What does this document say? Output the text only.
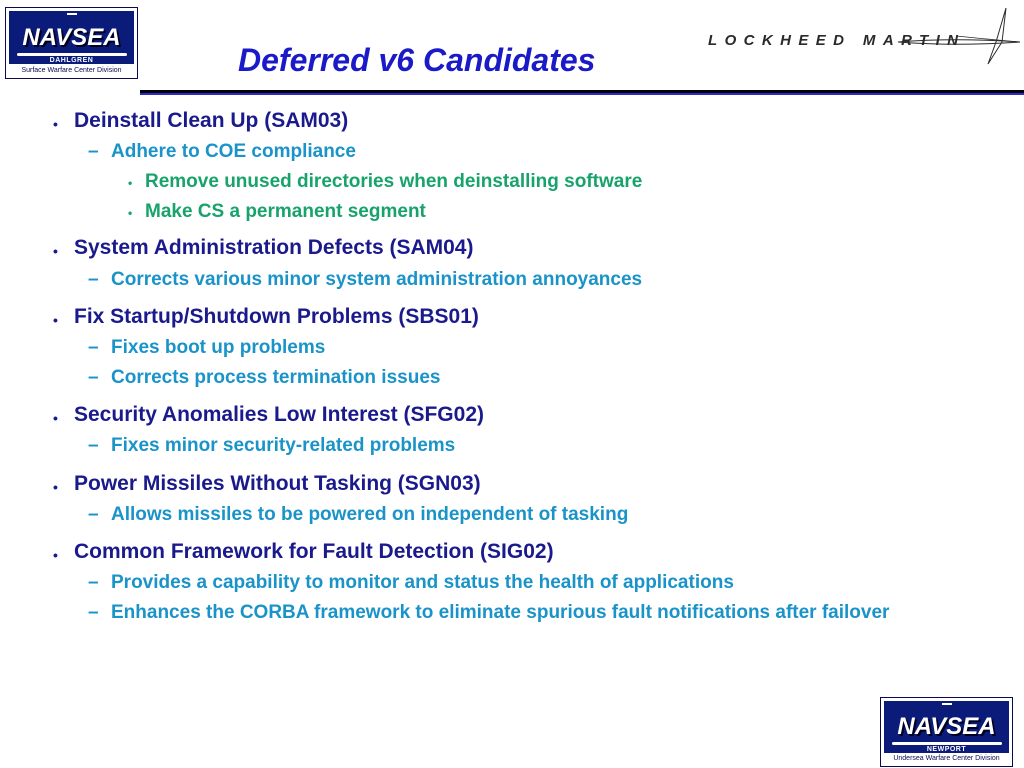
NAVSEA
DAHLGREN
Surface Warfare Center Division	Deferred v6 Candidates
LOCKHEED MARTIN
• Deinstall Clean Up (SAM03)
– Adhere to COE compliance
• Remove unused directories when deinstalling software
• Make CS a permanent segment
• System Administration Defects (SAM04)
– Corrects various minor system administration annoyances
• Fix Startup/Shutdown Problems (SBS01)
– Fixes boot up problems
– Corrects process termination issues
• Security Anomalies Low Interest (SFG02)
– Fixes minor security-related problems
• Power Missiles Without Tasking (SGN03)
– Allows missiles to be powered on independent of tasking
• Common Framework for Fault Detection (SIG02)
– Provides a capability to monitor and status the health of applications
– Enhances the CORBA framework to eliminate spurious fault notifications after failover
NAVSEA
NEWPORT
Undersea Warfare Center Division
